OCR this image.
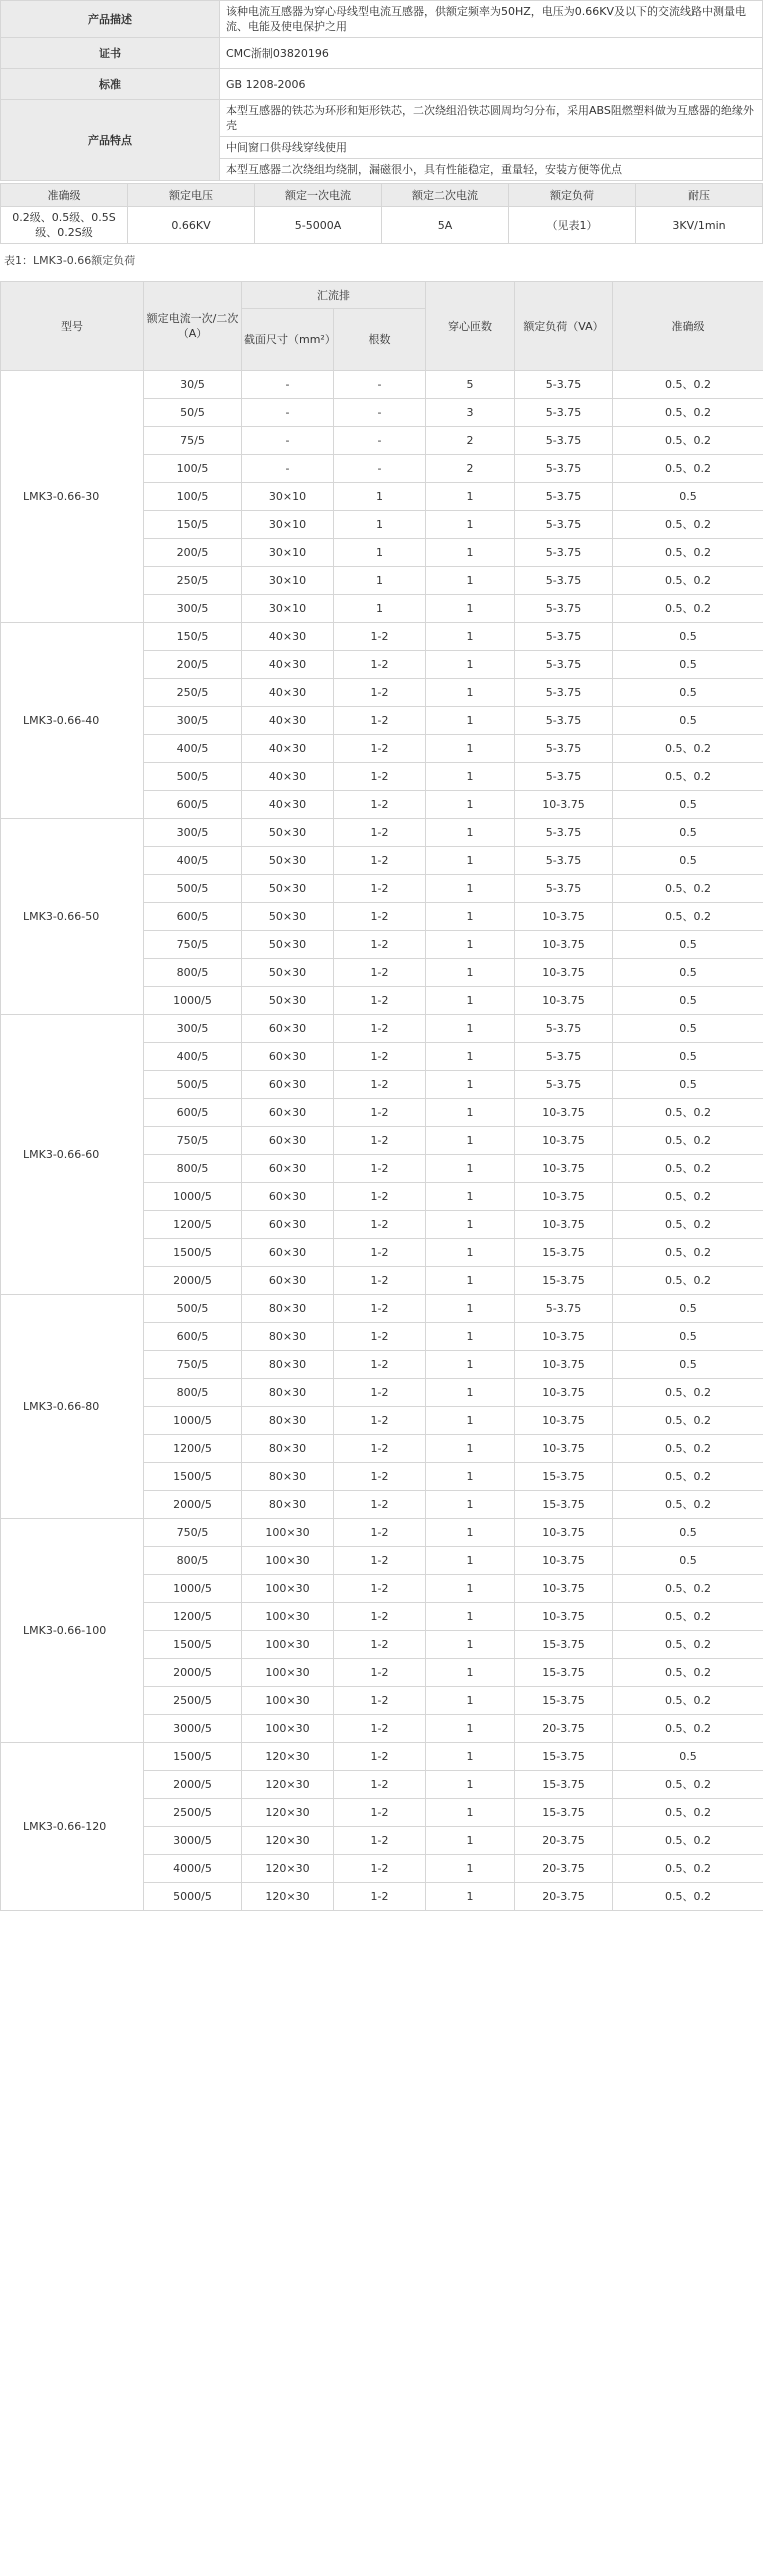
产品描述	该种电流互感器为穿心母线型电流互感器，供额定频率为50HZ，电压为0.66KV及以下的交流线路中测量电流、电能及使电保护之用
证书	CMC浙制03820196
标准	GB 1208-2006
产品特点	本型互感器的铁芯为环形和矩形铁芯，二次绕组沿铁芯圆周均匀分布，采用ABS阻燃塑料做为互感器的绝缘外壳
	中间窗口供母线穿线使用
	本型互感器二次绕组均绕制，漏磁很小，具有性能稳定，重量轻，安装方便等优点
准确级	额定电压	额定一次电流	额定二次电流	额定负荷	耐压
0.2级、0.5级、0.5S级、0.2S级	0.66KV	5-5000A	5A	（见表1）	3KV/1min
表1：LMK3-0.66额定负荷
型号	额定电流一次/二次（A）	汇流排		穿心匝数	额定负荷（VA）	准确级
		截面尺寸（mm²）	根数			
LMK3-0.66-30	30/5	-	-	5	5-3.75	0.5、0.2
	50/5	-	-	3	5-3.75	0.5、0.2
	75/5	-	-	2	5-3.75	0.5、0.2
	100/5	-	-	2	5-3.75	0.5、0.2
	100/5	30×10	1	1	5-3.75	0.5
	150/5	30×10	1	1	5-3.75	0.5、0.2
	200/5	30×10	1	1	5-3.75	0.5、0.2
	250/5	30×10	1	1	5-3.75	0.5、0.2
	300/5	30×10	1	1	5-3.75	0.5、0.2
LMK3-0.66-40	150/5	40×30	1-2	1	5-3.75	0.5
	200/5	40×30	1-2	1	5-3.75	0.5
	250/5	40×30	1-2	1	5-3.75	0.5
	300/5	40×30	1-2	1	5-3.75	0.5
	400/5	40×30	1-2	1	5-3.75	0.5、0.2
	500/5	40×30	1-2	1	5-3.75	0.5、0.2
	600/5	40×30	1-2	1	10-3.75	0.5
LMK3-0.66-50	300/5	50×30	1-2	1	5-3.75	0.5
	400/5	50×30	1-2	1	5-3.75	0.5
	500/5	50×30	1-2	1	5-3.75	0.5、0.2
	600/5	50×30	1-2	1	10-3.75	0.5、0.2
	750/5	50×30	1-2	1	10-3.75	0.5
	800/5	50×30	1-2	1	10-3.75	0.5
	1000/5	50×30	1-2	1	10-3.75	0.5
LMK3-0.66-60	300/5	60×30	1-2	1	5-3.75	0.5
	400/5	60×30	1-2	1	5-3.75	0.5
	500/5	60×30	1-2	1	5-3.75	0.5
	600/5	60×30	1-2	1	10-3.75	0.5、0.2
	750/5	60×30	1-2	1	10-3.75	0.5、0.2
	800/5	60×30	1-2	1	10-3.75	0.5、0.2
	1000/5	60×30	1-2	1	10-3.75	0.5、0.2
	1200/5	60×30	1-2	1	10-3.75	0.5、0.2
	1500/5	60×30	1-2	1	15-3.75	0.5、0.2
	2000/5	60×30	1-2	1	15-3.75	0.5、0.2
LMK3-0.66-80	500/5	80×30	1-2	1	5-3.75	0.5
	600/5	80×30	1-2	1	10-3.75	0.5
	750/5	80×30	1-2	1	10-3.75	0.5
	800/5	80×30	1-2	1	10-3.75	0.5、0.2
	1000/5	80×30	1-2	1	10-3.75	0.5、0.2
	1200/5	80×30	1-2	1	10-3.75	0.5、0.2
	1500/5	80×30	1-2	1	15-3.75	0.5、0.2
	2000/5	80×30	1-2	1	15-3.75	0.5、0.2
LMK3-0.66-100	750/5	100×30	1-2	1	10-3.75	0.5
	800/5	100×30	1-2	1	10-3.75	0.5
	1000/5	100×30	1-2	1	10-3.75	0.5、0.2
	1200/5	100×30	1-2	1	10-3.75	0.5、0.2
	1500/5	100×30	1-2	1	15-3.75	0.5、0.2
	2000/5	100×30	1-2	1	15-3.75	0.5、0.2
	2500/5	100×30	1-2	1	15-3.75	0.5、0.2
	3000/5	100×30	1-2	1	20-3.75	0.5、0.2
LMK3-0.66-120	1500/5	120×30	1-2	1	15-3.75	0.5
	2000/5	120×30	1-2	1	15-3.75	0.5、0.2
	2500/5	120×30	1-2	1	15-3.75	0.5、0.2
	3000/5	120×30	1-2	1	20-3.75	0.5、0.2
	4000/5	120×30	1-2	1	20-3.75	0.5、0.2
	5000/5	120×30	1-2	1	20-3.75	0.5、0.2
